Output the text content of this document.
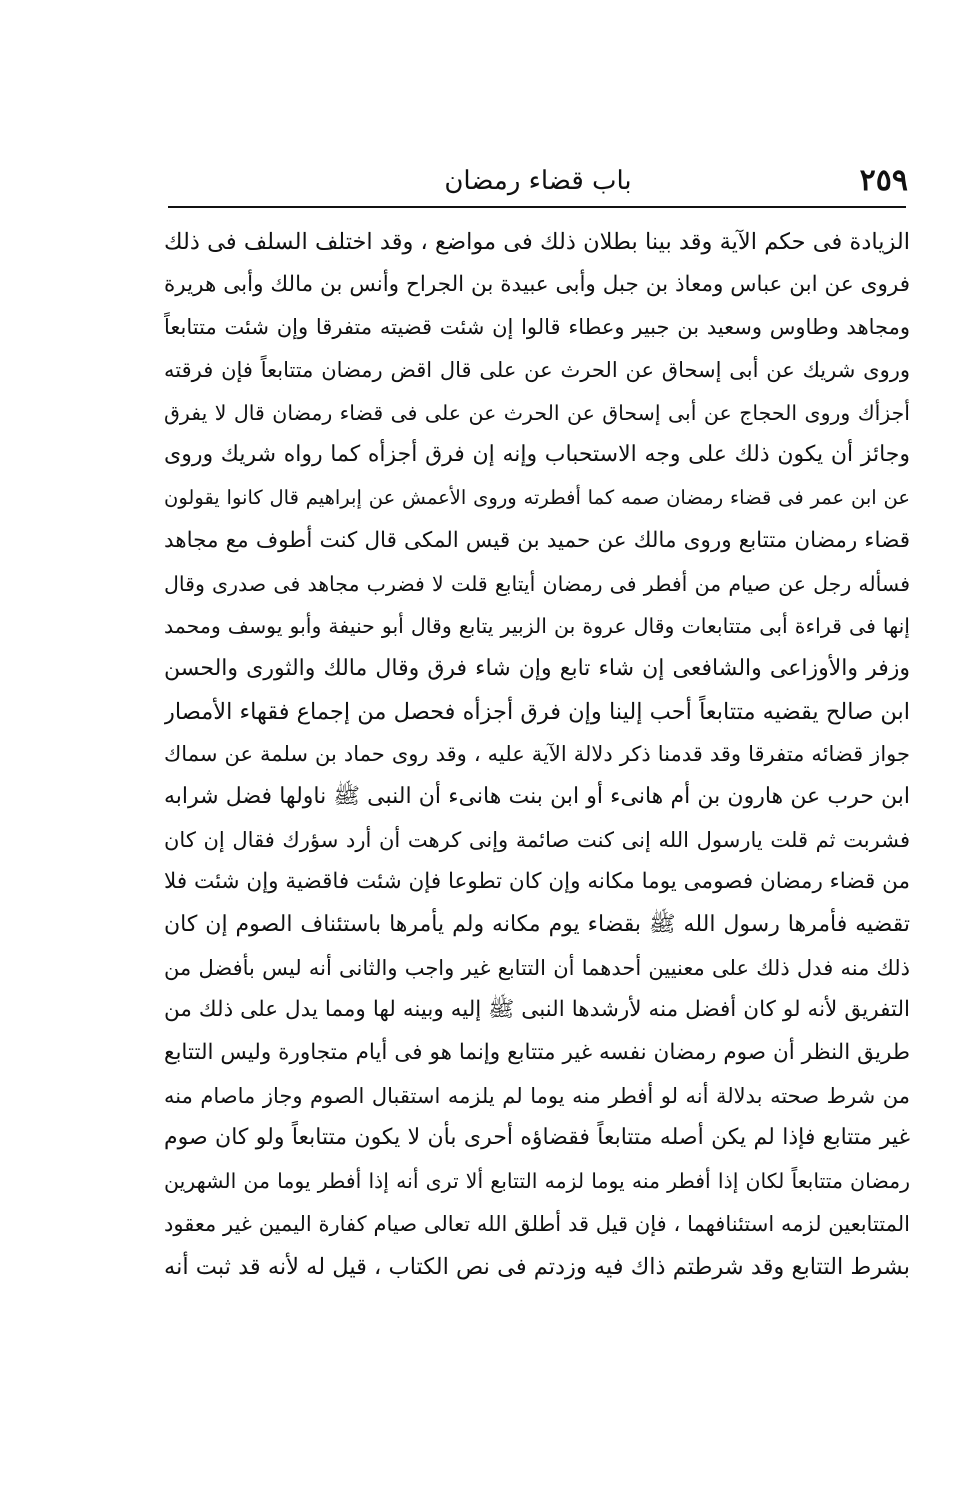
٢٥٩
باب قضاء رمضان
الزيادة فى حكم الآية وقد بينا بطلان ذلك فى مواضع ، وقد اختلف السلف فى ذلك
فروى عن ابن عباس ومعاذ بن جبل وأبى عبيدة بن الجراح وأنس بن مالك وأبى هريرة
ومجاهد وطاوس وسعيد بن جبير وعطاء قالوا إن شئت قضيته متفرقا وإن شئت متتابعاً
وروى شريك عن أبى إسحاق عن الحرث عن على قال اقض رمضان متتابعاً فإن فرقته
أجزأك وروى الحجاج عن أبى إسحاق عن الحرث عن على فى قضاء رمضان قال لا يفرق
وجائز أن يكون ذلك على وجه الاستحباب وإنه إن فرق أجزأه كما رواه شريك وروى
عن ابن عمر فى قضاء رمضان صمه كما أفطرته وروى الأعمش عن إبراهيم قال كانوا يقولون
قضاء رمضان متتابع وروى مالك عن حميد بن قيس المكى قال كنت أطوف مع مجاهد
فسأله رجل عن صيام من أفطر فى رمضان أيتابع قلت لا فضرب مجاهد فى صدرى وقال
إنها فى قراءة أبى متتابعات وقال عروة بن الزبير يتابع وقال أبو حنيفة وأبو يوسف ومحمد
وزفر والأوزاعى والشافعى إن شاء تابع وإن شاء فرق وقال مالك والثورى والحسن
ابن صالح يقضيه متتابعاً أحب إلينا وإن فرق أجزأه فحصل من إجماع فقهاء الأمصار
جواز قضائه متفرقا وقد قدمنا ذكر دلالة الآية عليه ، وقد روى حماد بن سلمة عن سماك
ابن حرب عن هارون بن أم هانىء أو ابن بنت هانىء أن النبى ﷺ ناولها فضل شرابه
فشربت ثم قلت يارسول الله إنى كنت صائمة وإنى كرهت أن أرد سؤرك فقال إن كان
من قضاء رمضان فصومى يوما مكانه وإن كان تطوعا فإن شئت فاقضية وإن شئت فلا
تقضيه فأمرها رسول الله ﷺ بقضاء يوم مكانه ولم يأمرها باستئناف الصوم إن كان
ذلك منه فدل ذلك على معنيين أحدهما أن التتابع غير واجب والثانى أنه ليس بأفضل من
التفريق لأنه لو كان أفضل منه لأرشدها النبى ﷺ إليه وبينه لها ومما يدل على ذلك من
طريق النظر أن صوم رمضان نفسه غير متتابع وإنما هو فى أيام متجاورة وليس التتابع
من شرط صحته بدلالة أنه لو أفطر منه يوما لم يلزمه استقبال الصوم وجاز ماصام منه
غير متتابع فإذا لم يكن أصله متتابعاً فقضاؤه أحرى بأن لا يكون متتابعاً ولو كان صوم
رمضان متتابعاً لكان إذا أفطر منه يوما لزمه التتابع ألا ترى أنه إذا أفطر يوما من الشهرين
المتتابعين لزمه استئنافهما ، فإن قيل قد أطلق الله تعالى صيام كفارة اليمين غير معقود
بشرط التتابع وقد شرطتم ذاك فيه وزدتم فى نص الكتاب ، قيل له لأنه قد ثبت أنه
